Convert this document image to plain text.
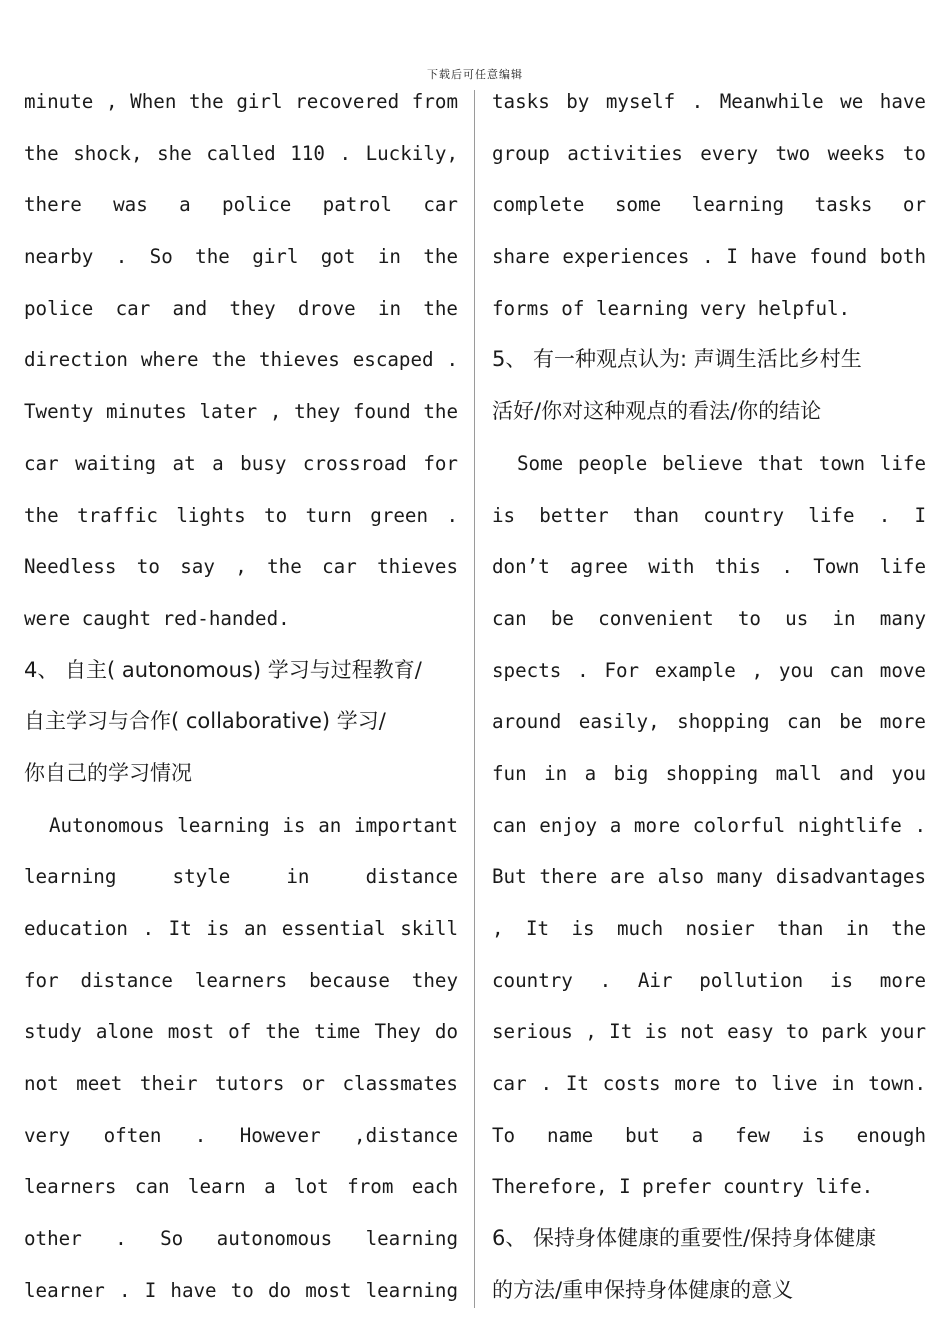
下载后可任意编辑
minute , When the girl recovered from
the shock, she called 110 . Luckily,
there was a police patrol car
nearby . So the girl got in the
police car and they drove in the
direction where the thieves escaped .
Twenty minutes later , they found the
car waiting at a busy crossroad for
the traffic lights to turn green .
Needless to say , the car thieves
were caught red-handed.
4、 自主( autonomous) 学习与过程教育/
自主学习与合作( collaborative) 学习/
你自己的学习情况
Autonomous learning is an important
learning style in distance
education . It is an essential skill
for distance learners because they
study alone most of the time They do
not meet their tutors or classmates
very often . However ,distance
learners can learn a lot from each
other . So autonomous learning
learner . I have to do most learning
tasks by myself . Meanwhile we have
group activities every two weeks to
complete some learning tasks or
share experiences . I have found both
forms of learning very helpful.
5、 有一种观点认为: 声调生活比乡村生
活好/你对这种观点的看法/你的结论
Some people believe that town life
is better than country life . I
don’t agree with this . Town life
can be convenient to us in many
spects . For example , you can move
around easily, shopping can be more
fun in a big shopping mall and you
can enjoy a more colorful nightlife .
But there are also many disadvantages
, It is much nosier than in the
country . Air pollution is more
serious , It is not easy to park your
car . It costs more to live in town.
To name but a few is enough
Therefore, I prefer country life.
6、 保持身体健康的重要性/保持身体健康
的方法/重申保持身体健康的意义
